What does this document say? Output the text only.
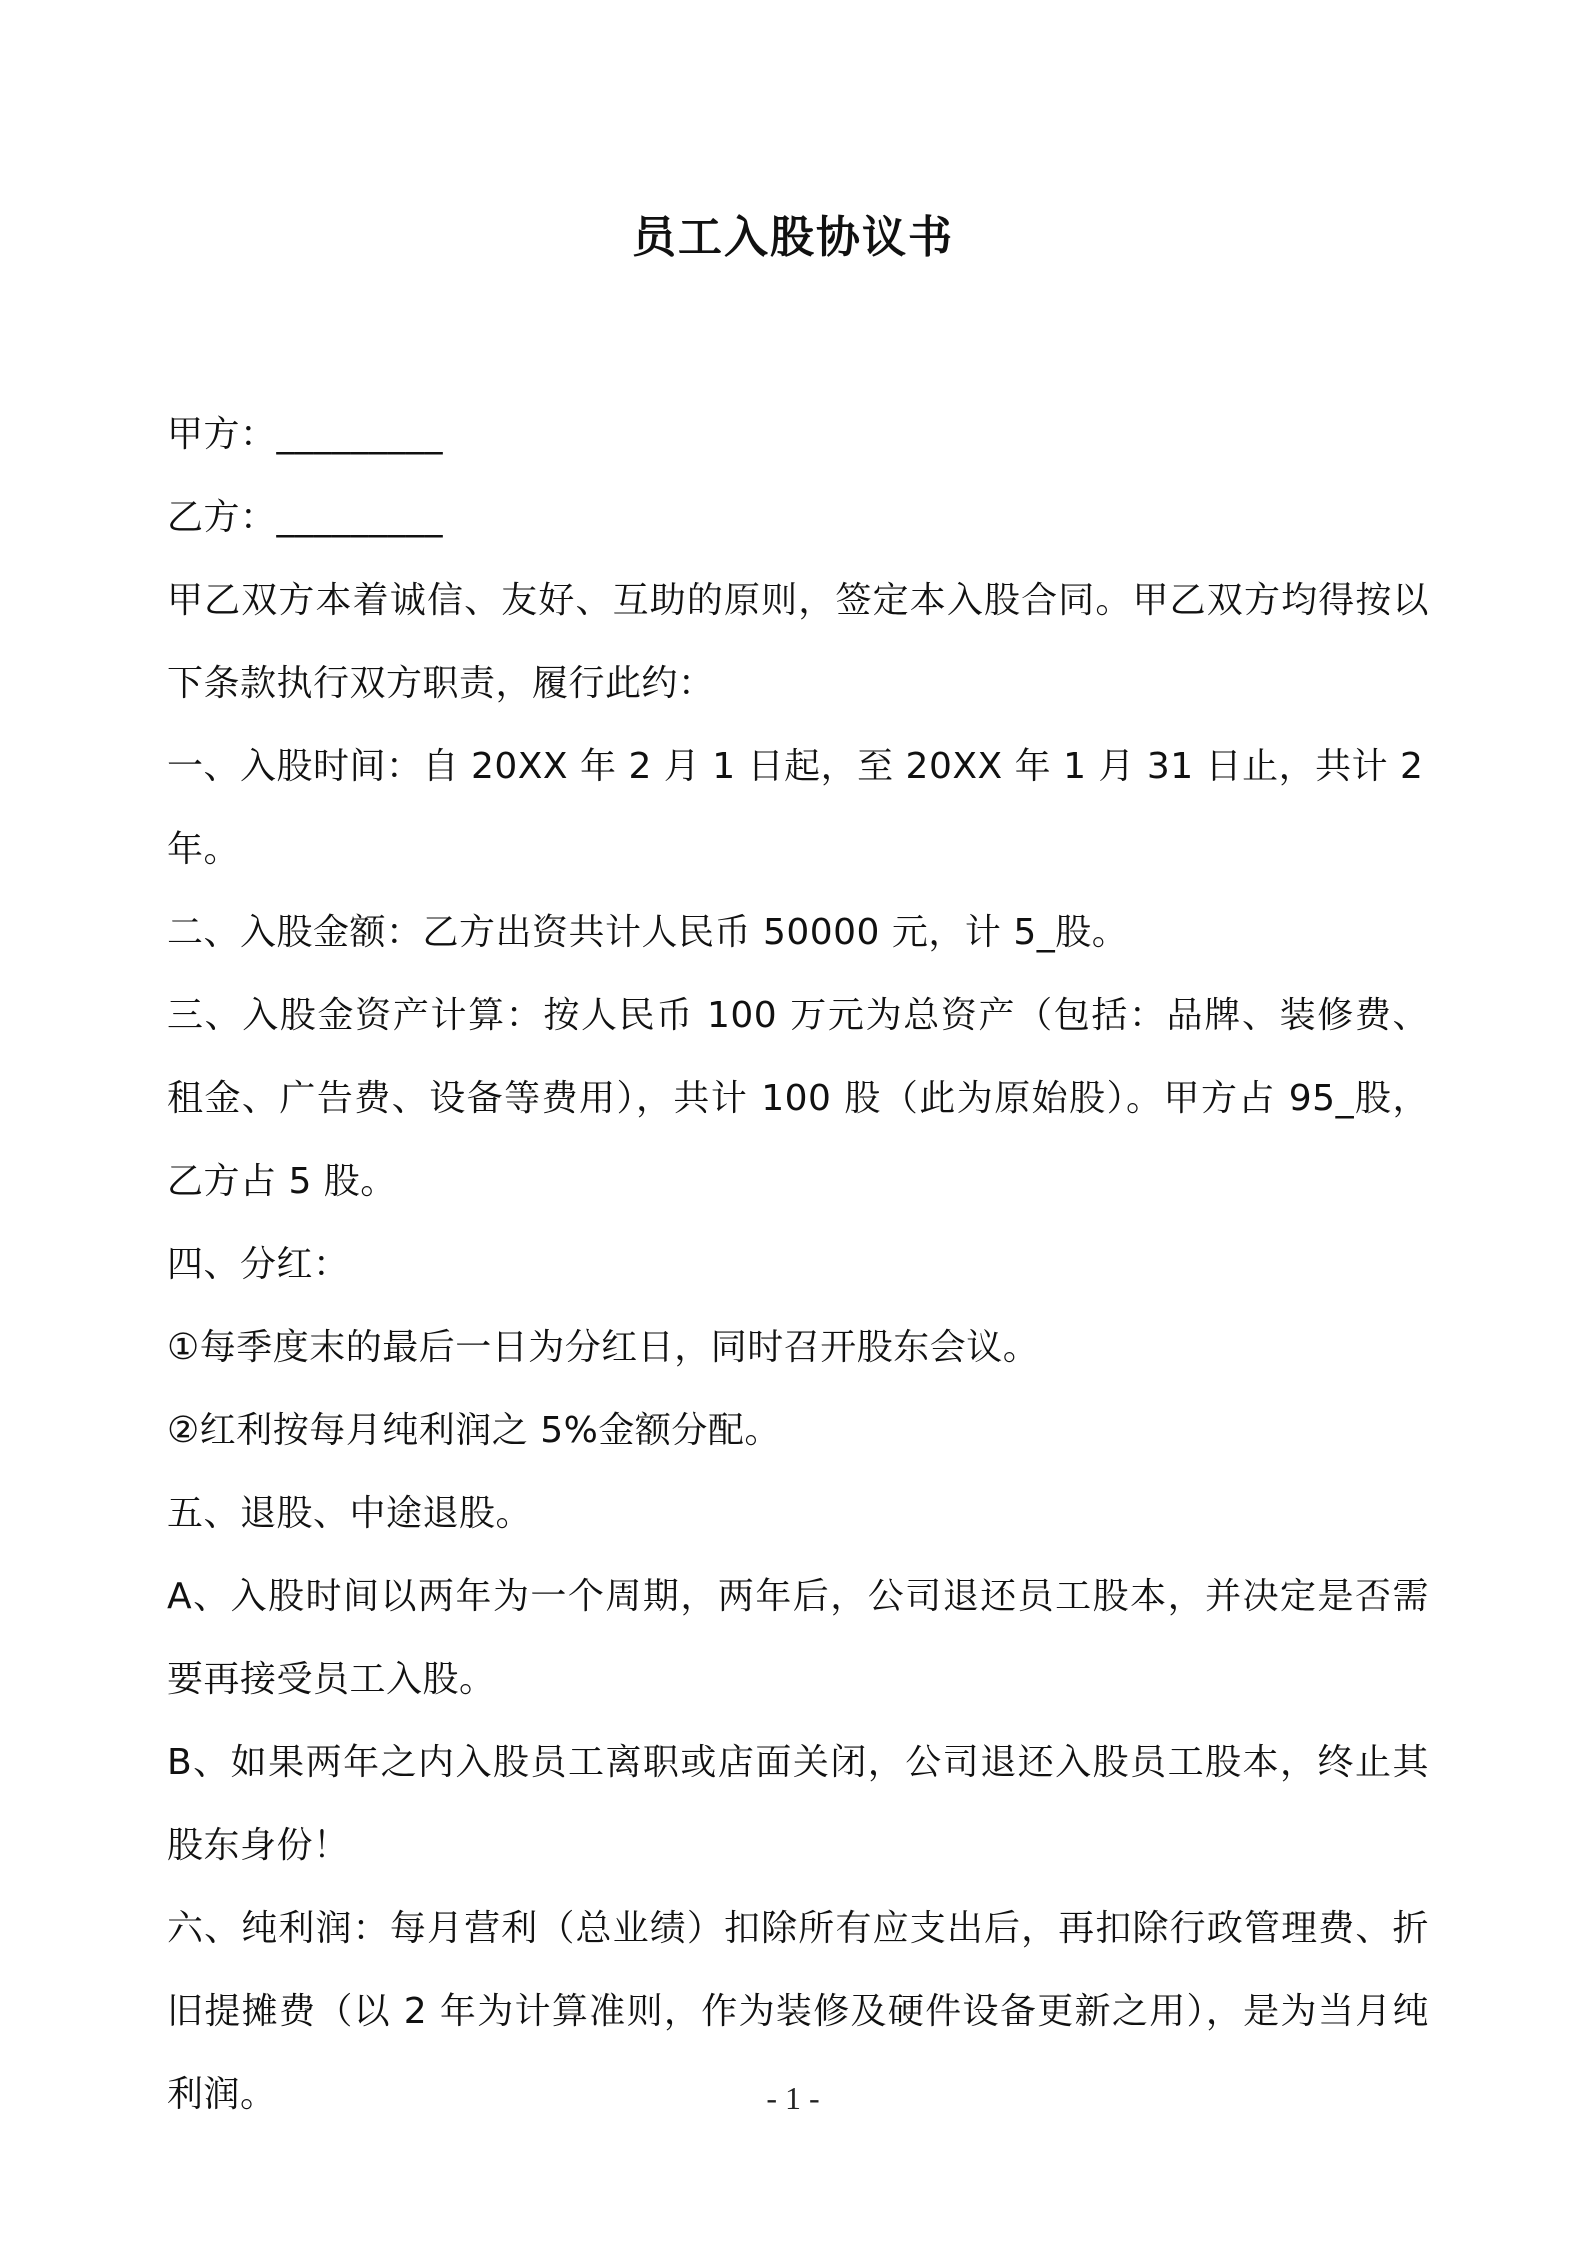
员工入股协议书

甲方：_________

乙方：_________

甲乙双方本着诚信、友好、互助的原则，签定本入股合同。甲乙双方均得按以下条款执行双方职责，履行此约：

一、入股时间：自 20XX 年 2 月 1 日起，至 20XX 年 1 月 31 日止，共计 2 年。

二、入股金额：乙方出资共计人民币 50000 元，计 5_股。

三、入股金资产计算：按人民币 100 万元为总资产（包括：品牌、装修费、租金、广告费、设备等费用），共计 100 股（此为原始股）。甲方占 95_股，乙方占 5 股。

四、分红：

①每季度末的最后一日为分红日，同时召开股东会议。

②红利按每月纯利润之 5%金额分配。

五、退股、中途退股。

A、入股时间以两年为一个周期，两年后，公司退还员工股本，并决定是否需要再接受员工入股。

B、如果两年之内入股员工离职或店面关闭，公司退还入股员工股本，终止其股东身份！

六、纯利润：每月营利（总业绩）扣除所有应支出后，再扣除行政管理费、折旧提摊费（以 2 年为计算准则，作为装修及硬件设备更新之用），是为当月纯利润。	- 1 -
